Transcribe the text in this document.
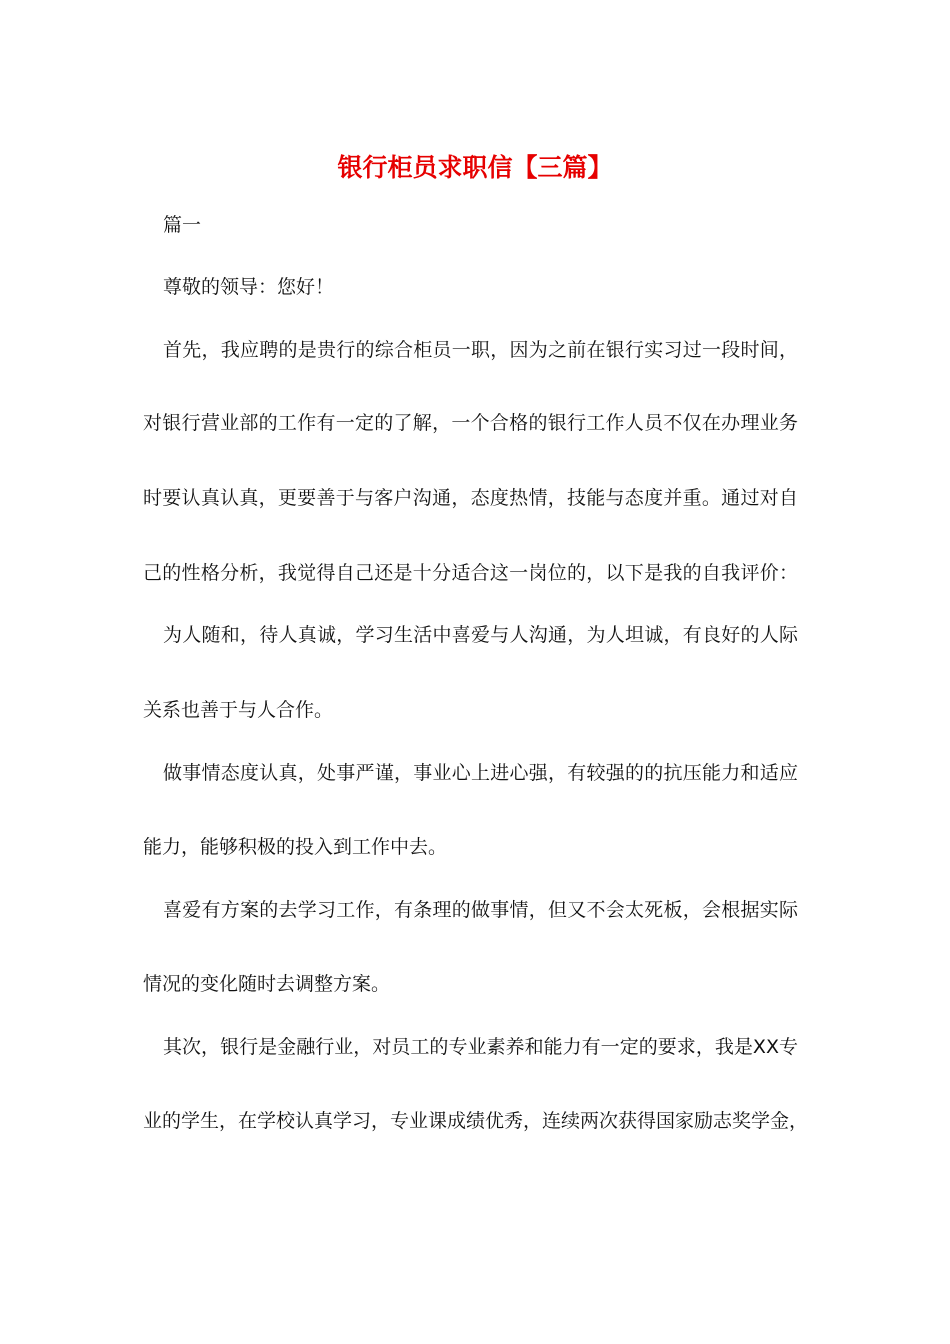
银行柜员求职信【三篇】
篇一
尊敬的领导：您好！
首先，我应聘的是贵行的综合柜员一职，因为之前在银行实习过一段时间，
对银行营业部的工作有一定的了解，一个合格的银行工作人员不仅在办理业务
时要认真认真，更要善于与客户沟通，态度热情，技能与态度并重。通过对自
己的性格分析，我觉得自己还是十分适合这一岗位的，以下是我的自我评价：
为人随和，待人真诚，学习生活中喜爱与人沟通，为人坦诚，有良好的人际
关系也善于与人合作。
做事情态度认真，处事严谨，事业心上进心强，有较强的的抗压能力和适应
能力，能够积极的投入到工作中去。
喜爱有方案的去学习工作，有条理的做事情，但又不会太死板，会根据实际
情况的变化随时去调整方案。
其次，银行是金融行业，对员工的专业素养和能力有一定的要求，我是XX专
业的学生，在学校认真学习，专业课成绩优秀，连续两次获得国家励志奖学金，
